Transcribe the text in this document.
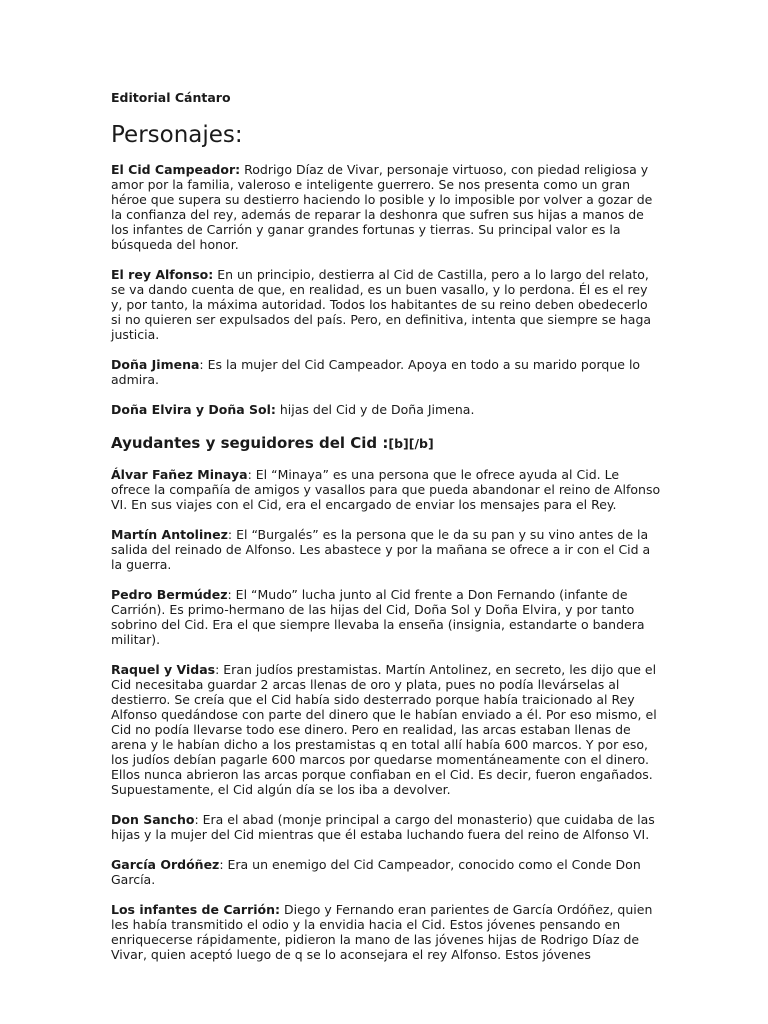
Editorial Cántaro
Personajes:

El Cid Campeador: Rodrigo Díaz de Vivar, personaje virtuoso, con piedad religiosa y amor por la familia, valeroso e inteligente guerrero. Se nos presenta como un gran héroe que supera su destierro haciendo lo posible y lo imposible por volver a gozar de la confianza del rey, además de reparar la deshonra que sufren sus hijas a manos de los infantes de Carrión y ganar grandes fortunas y tierras. Su principal valor es la búsqueda del honor.

El rey Alfonso: En un principio, destierra al Cid de Castilla, pero a lo largo del relato, se va dando cuenta de que, en realidad, es un buen vasallo, y lo perdona. Él es el rey y, por tanto, la máxima autoridad. Todos los habitantes de su reino deben obedecerlo si no quieren ser expulsados del país. Pero, en definitiva, intenta que siempre se haga justicia.

Doña Jimena: Es la mujer del Cid Campeador. Apoya en todo a su marido porque lo admira.

Doña Elvira y Doña Sol: hijas del Cid y de Doña Jimena.

Ayudantes y seguidores del Cid :[b][/b]

Álvar Fañez Minaya: El “Minaya” es una persona que le ofrece ayuda al Cid. Le ofrece la compañía de amigos y vasallos para que pueda abandonar el reino de Alfonso VI. En sus viajes con el Cid, era el encargado de enviar los mensajes para el Rey.

Martín Antolinez: El “Burgalés” es la persona que le da su pan y su vino antes de la salida del reinado de Alfonso. Les abastece y por la mañana se ofrece a ir con el Cid a la guerra.

Pedro Bermúdez: El “Mudo” lucha junto al Cid frente a Don Fernando (infante de Carrión). Es primo-hermano de las hijas del Cid, Doña Sol y Doña Elvira, y por tanto sobrino del Cid. Era el que siempre llevaba la enseña (insignia, estandarte o bandera militar).

Raquel y Vidas: Eran judíos prestamistas. Martín Antolinez, en secreto, les dijo que el Cid necesitaba guardar 2 arcas llenas de oro y plata, pues no podía llevárselas al destierro. Se creía que el Cid había sido desterrado porque había traicionado al Rey Alfonso quedándose con parte del dinero que le habían enviado a él. Por eso mismo, el Cid no podía llevarse todo ese dinero. Pero en realidad, las arcas estaban llenas de arena y le habían dicho a los prestamistas q en total allí había 600 marcos. Y por eso, los judíos debían pagarle 600 marcos por quedarse momentáneamente con el dinero. Ellos nunca abrieron las arcas porque confiaban en el Cid. Es decir, fueron engañados. Supuestamente, el Cid algún día se los iba a devolver.

Don Sancho: Era el abad (monje principal a cargo del monasterio) que cuidaba de las hijas y la mujer del Cid mientras que él estaba luchando fuera del reino de Alfonso VI.

García Ordóñez: Era un enemigo del Cid Campeador, conocido como el Conde Don García.

Los infantes de Carrión: Diego y Fernando eran parientes de García Ordóñez, quien les había transmitido el odio y la envidia hacia el Cid. Estos jóvenes pensando en enriquecerse rápidamente, pidieron la mano de las jóvenes hijas de Rodrigo Díaz de Vivar, quien aceptó luego de q se lo aconsejara el rey Alfonso. Estos jóvenes
